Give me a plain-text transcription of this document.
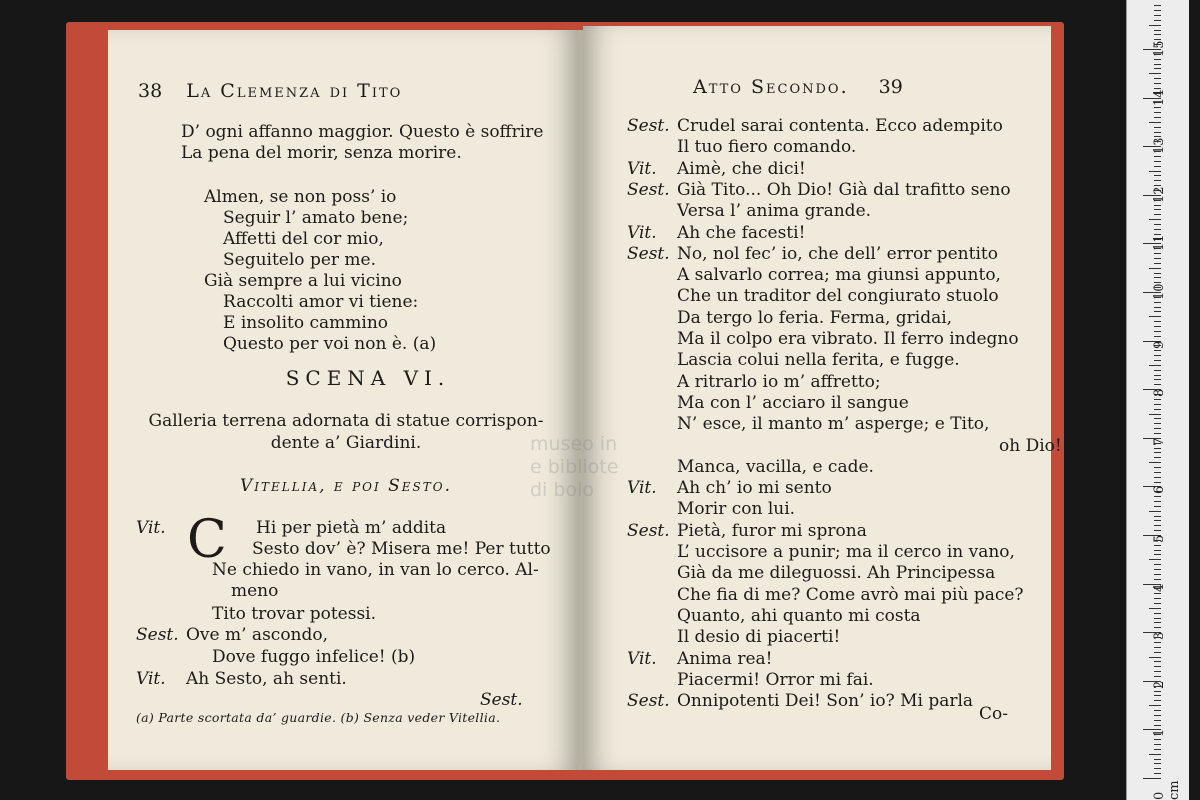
38 La Clemenza di Tito
D’ ogni affanno maggior. Questo è soffrire
La pena del morir, senza morire.
Almen, se non poss’ io
Seguir l’ amato bene;
Affetti del cor mio,
Seguitelo per me.
Già sempre a lui vicino
Raccolti amor vi tiene:
E insolito cammino
Questo per voi non è. (a)
SCENA VI.
Galleria terrena adornata di statue corrispon-
dente a’ Giardini.
Vitellia, e poi Sesto.
C
Vit.	Hi per pietà m’ addita
Sesto dov’ è? Misera me! Per tutto
Ne chiedo in vano, in van lo cerco. Al-
meno
Tito trovar potessi.
Sest. Ove m’ ascondo,
Dove fuggo infelice! (b)
Vit. Ah Sesto, ah senti.
Sest.
(a) Parte scortata da’ guardie. (b) Senza veder Vitellia.
Atto Secondo. 39
Sest. Crudel sarai contenta. Ecco adempito
Il tuo fiero comando.
Vit. Aimè, che dici!
Sest. Già Tito... Oh Dio! Già dal trafitto seno
Versa l’ anima grande.
Vit. Ah che facesti!
Sest. No, nol fec’ io, che dell’ error pentito
A salvarlo correa; ma giunsi appunto,
Che un traditor del congiurato stuolo
Da tergo lo feria. Ferma, gridai,
Ma il colpo era vibrato. Il ferro indegno
Lascia colui nella ferita, e fugge.
A ritrarlo io m’ affretto;
Ma con l’ acciaro il sangue
N’ esce, il manto m’ asperge; e Tito,
oh Dio!
Manca, vacilla, e cade.
Vit. Ah ch’ io mi sento
Morir con lui.
Sest. Pietà, furor mi sprona
L’ uccisore a punir; ma il cerco in vano,
Già da me dileguossi. Ah Principessa
Che fia di me? Come avrò mai più pace?
Quanto, ahi quanto mi costa
Il desio di piacerti!
Vit. Anima rea!
Piacermi! Orror mi fai.
Sest. Onnipotenti Dei! Son’ io? Mi parla
Co-
museo in
e bibliote
di bolo
0 cm
1
2
3
4
5
6
7
8
9
10
11
12
13
14
15
